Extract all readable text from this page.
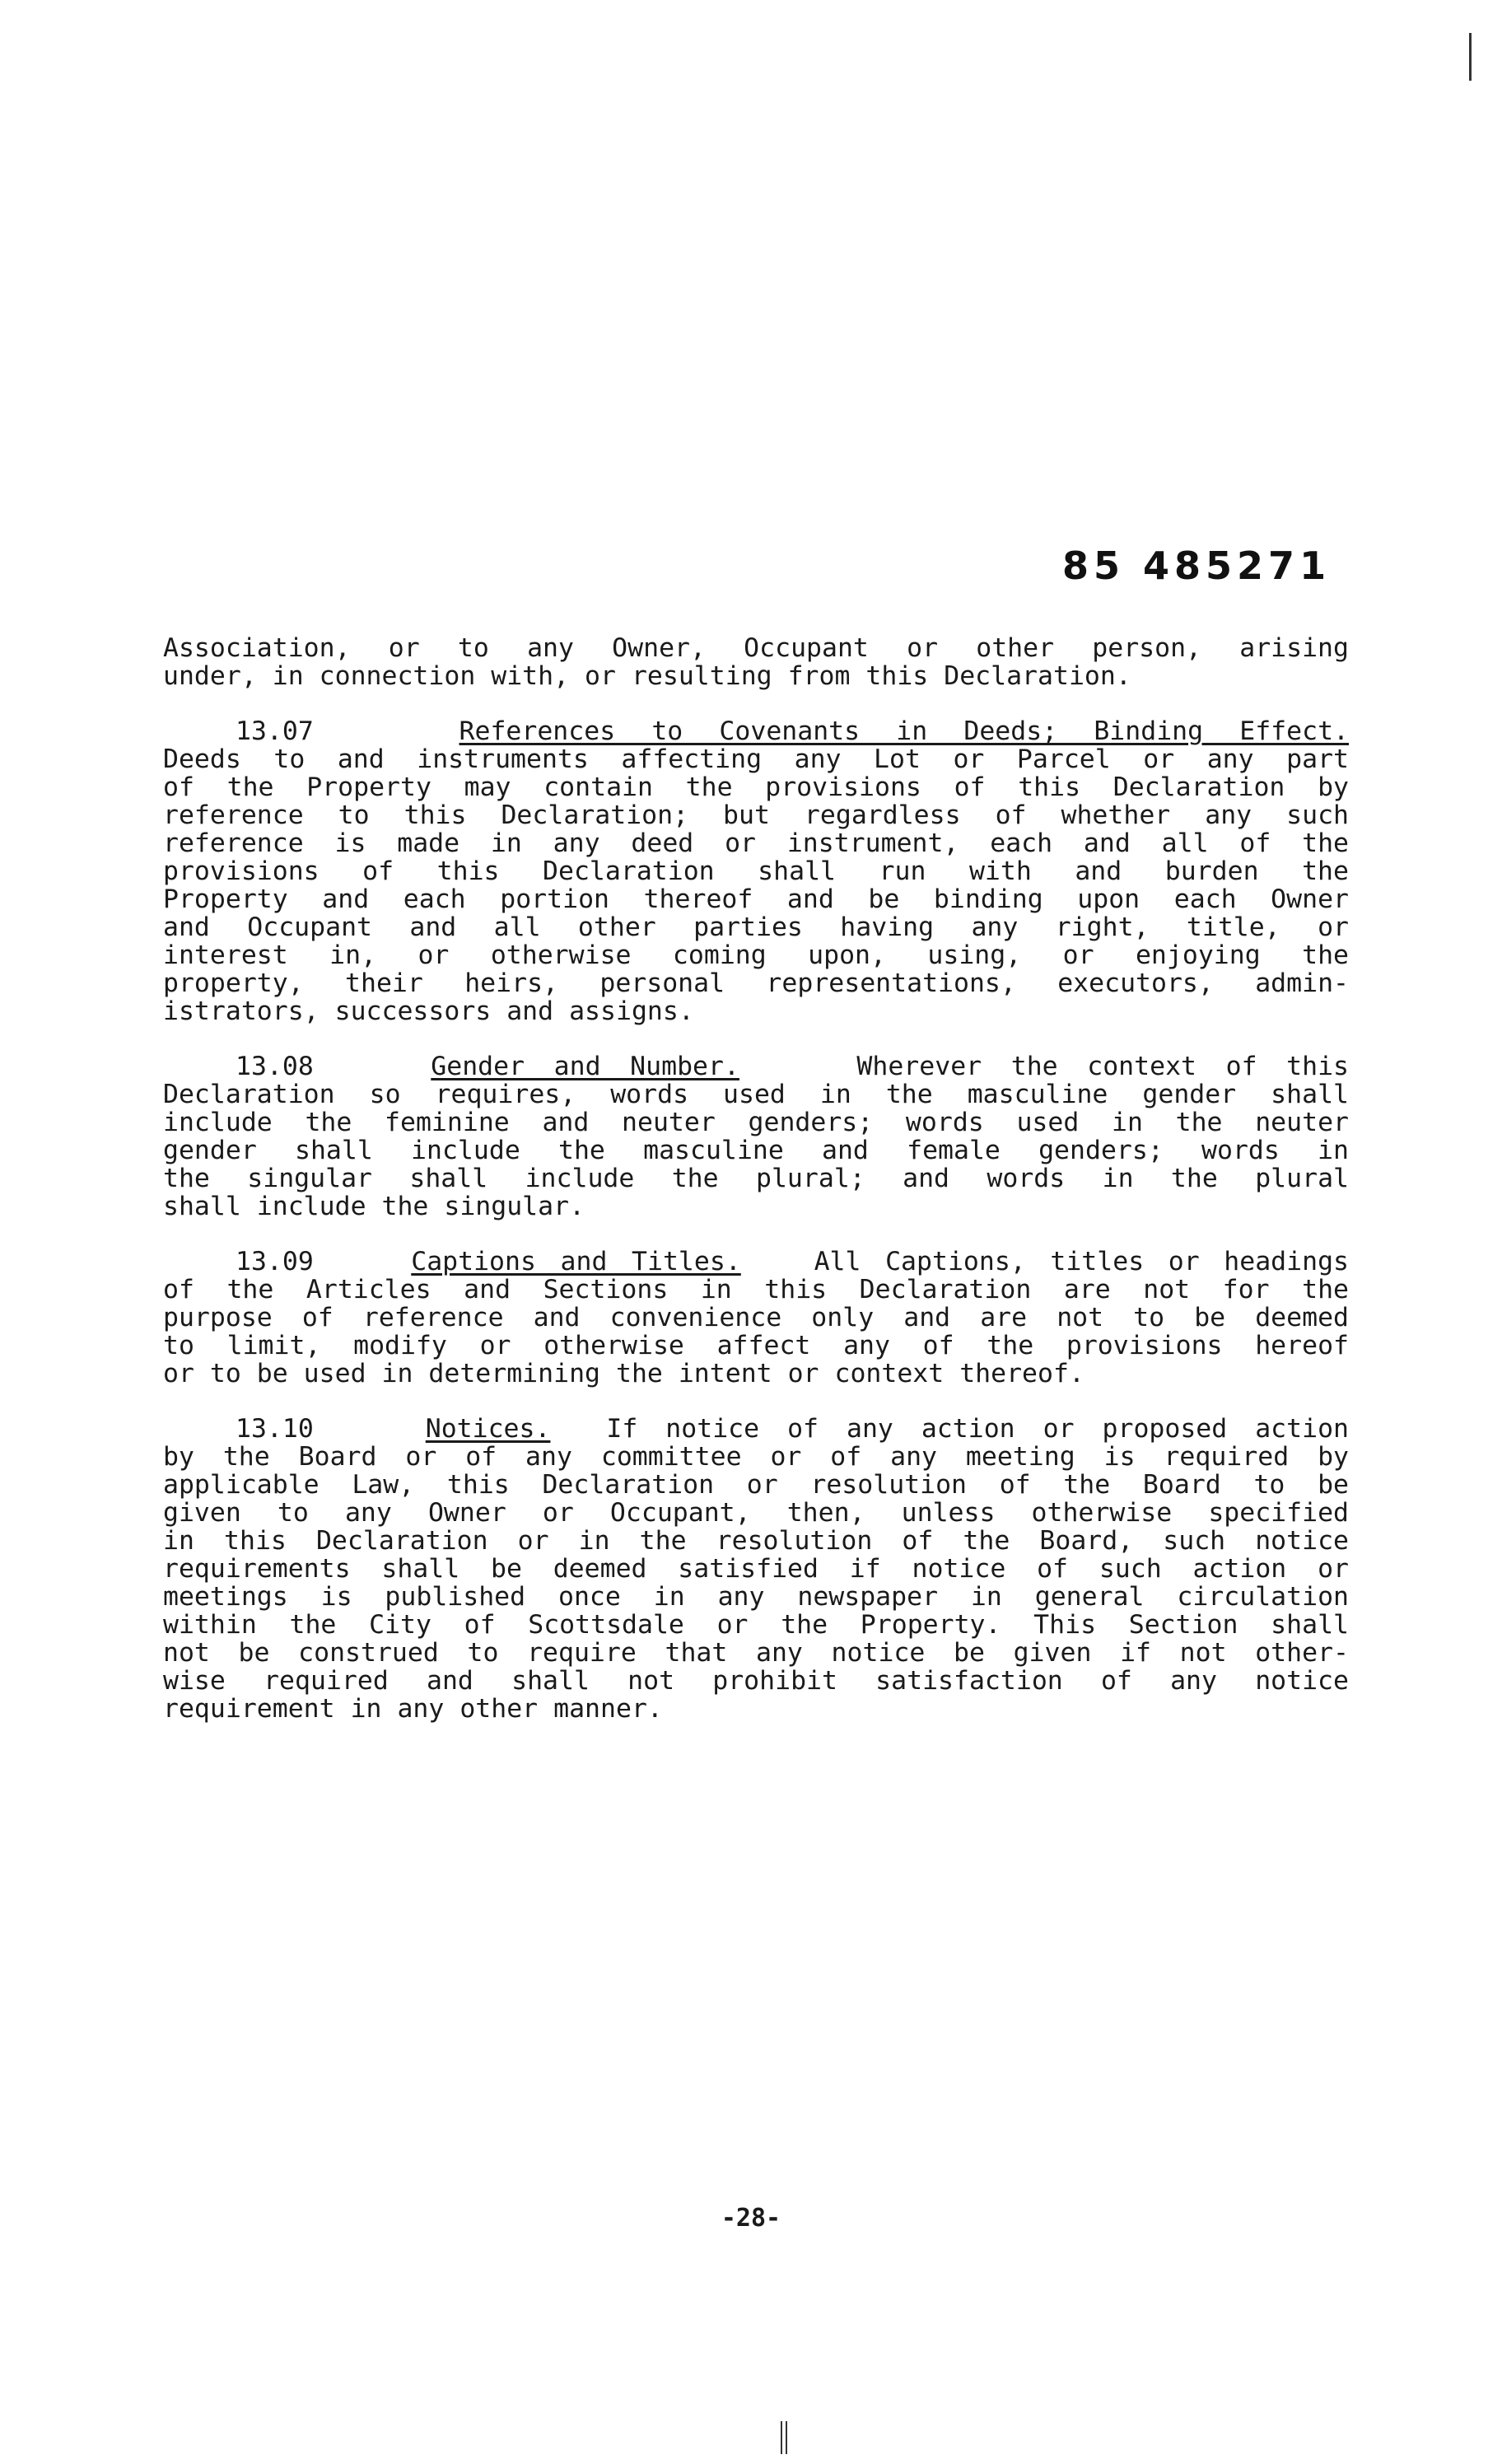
85 485271
Association, or to any Owner, Occupant or other person, arising
under, in connection with, or resulting from this Declaration.
13.07	References to Covenants in Deeds; Binding Effect.
Deeds to and instruments affecting any Lot or Parcel or any part
of the Property may contain the provisions of this Declaration by
reference to this Declaration; but regardless of whether any such
reference is made in any deed or instrument, each and all of the
provisions of this Declaration shall run with and burden the
Property and each portion thereof and be binding upon each Owner
and Occupant and all other parties having any right, title, or
interest in, or otherwise coming upon, using, or enjoying the
property, their heirs, personal representations, executors, admin-
istrators, successors and assigns.
13.08	Gender and Number.	Wherever the context of this
Declaration so requires, words used in the masculine gender shall
include the feminine and neuter genders; words used in the neuter
gender shall include the masculine and female genders; words in
the singular shall include the plural; and words in the plural
shall include the singular.
13.09	Captions and Titles.	All Captions, titles or headings
of the Articles and Sections in this Declaration are not for the
purpose of reference and convenience only and are not to be deemed
to limit, modify or otherwise affect any of the provisions hereof
or to be used in determining the intent or context thereof.
13.10	Notices. If notice of any action or proposed action
by the Board or of any committee or of any meeting is required by
applicable Law, this Declaration or resolution of the Board to be
given to any Owner or Occupant, then, unless otherwise specified
in this Declaration or in the resolution of the Board, such notice
requirements shall be deemed satisfied if notice of such action or
meetings is published once in any newspaper in general circulation
within the City of Scottsdale or the Property. This Section shall
not be construed to require that any notice be given if not other-
wise required and shall not prohibit satisfaction of any notice
requirement in any other manner.
-28-
